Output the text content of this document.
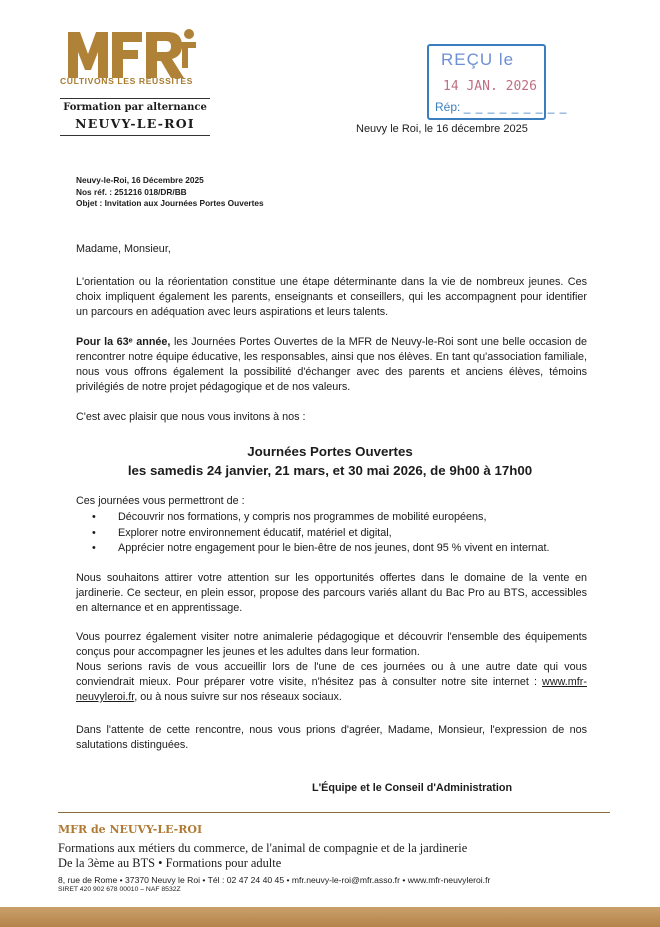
CULTIVONS LES RÉUSSITES
Formation par alternance
NEUVY-LE-ROI
REÇU le
14 JAN. 2026
Rép: _ _ _ _ _ _ _ _ _
Neuvy le Roi, le 16 décembre 2025
Neuvy-le-Roi, 16 Décembre 2025
Nos réf. : 251216 018/DR/BB
Objet : Invitation aux Journées Portes Ouvertes
Madame, Monsieur,
L'orientation ou la réorientation constitue une étape déterminante dans la vie de nombreux jeunes. Ces choix impliquent également les parents, enseignants et conseillers, qui les accompagnent pour identifier un parcours en adéquation avec leurs aspirations et leurs talents.
Pour la 63ᵉ année, les Journées Portes Ouvertes de la MFR de Neuvy-le-Roi sont une belle occasion de rencontrer notre équipe éducative, les responsables, ainsi que nos élèves. En tant qu'association familiale, nous vous offrons également la possibilité d'échanger avec des parents et anciens élèves, témoins privilégiés de notre projet pédagogique et de nos valeurs.
C'est avec plaisir que nous vous invitons à nos :
Journées Portes Ouvertes
les samedis 24 janvier, 21 mars, et 30 mai 2026, de 9h00 à 17h00
Ces journées vous permettront de :
• Découvrir nos formations, y compris nos programmes de mobilité européens,
• Explorer notre environnement éducatif, matériel et digital,
• Apprécier notre engagement pour le bien-être de nos jeunes, dont 95 % vivent en internat.
Nous souhaitons attirer votre attention sur les opportunités offertes dans le domaine de la vente en jardinerie. Ce secteur, en plein essor, propose des parcours variés allant du Bac Pro au BTS, accessibles en alternance et en apprentissage.
Vous pourrez également visiter notre animalerie pédagogique et découvrir l'ensemble des équipements conçus pour accompagner les jeunes et les adultes dans leur formation.
Nous serions ravis de vous accueillir lors de l'une de ces journées ou à une autre date qui vous conviendrait mieux. Pour préparer votre visite, n'hésitez pas à consulter notre site internet : www.mfr-neuvyleroi.fr, ou à nous suivre sur nos réseaux sociaux.
Dans l'attente de cette rencontre, nous vous prions d'agréer, Madame, Monsieur, l'expression de nos salutations distinguées.
L'Équipe et le Conseil d'Administration
MFR de NEUVY-LE-ROI
Formations aux métiers du commerce, de l'animal de compagnie et de la jardinerie
De la 3ème au BTS • Formations pour adulte
8, rue de Rome • 37370 Neuvy le Roi • Tél : 02 47 24 40 45 • mfr.neuvy-le-roi@mfr.asso.fr • www.mfr-neuvyleroi.fr
SIRET 420 902 678 00010 – NAF 8532Z
